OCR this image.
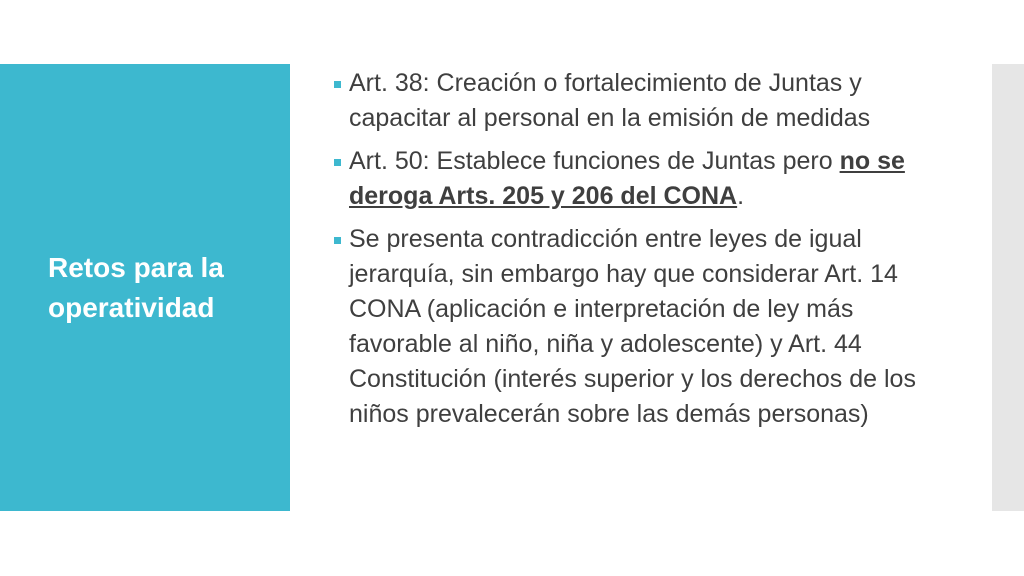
Retos para la operatividad
Art. 38: Creación o fortalecimiento de Juntas y capacitar al personal en la emisión de medidas
Art. 50: Establece funciones de Juntas pero no se deroga Arts. 205 y 206 del CONA.
Se presenta contradicción entre leyes de igual jerarquía, sin embargo hay que considerar Art. 14 CONA (aplicación e interpretación de ley más favorable al niño, niña y adolescente) y Art. 44 Constitución (interés superior y los derechos de los niños prevalecerán sobre las demás personas)
